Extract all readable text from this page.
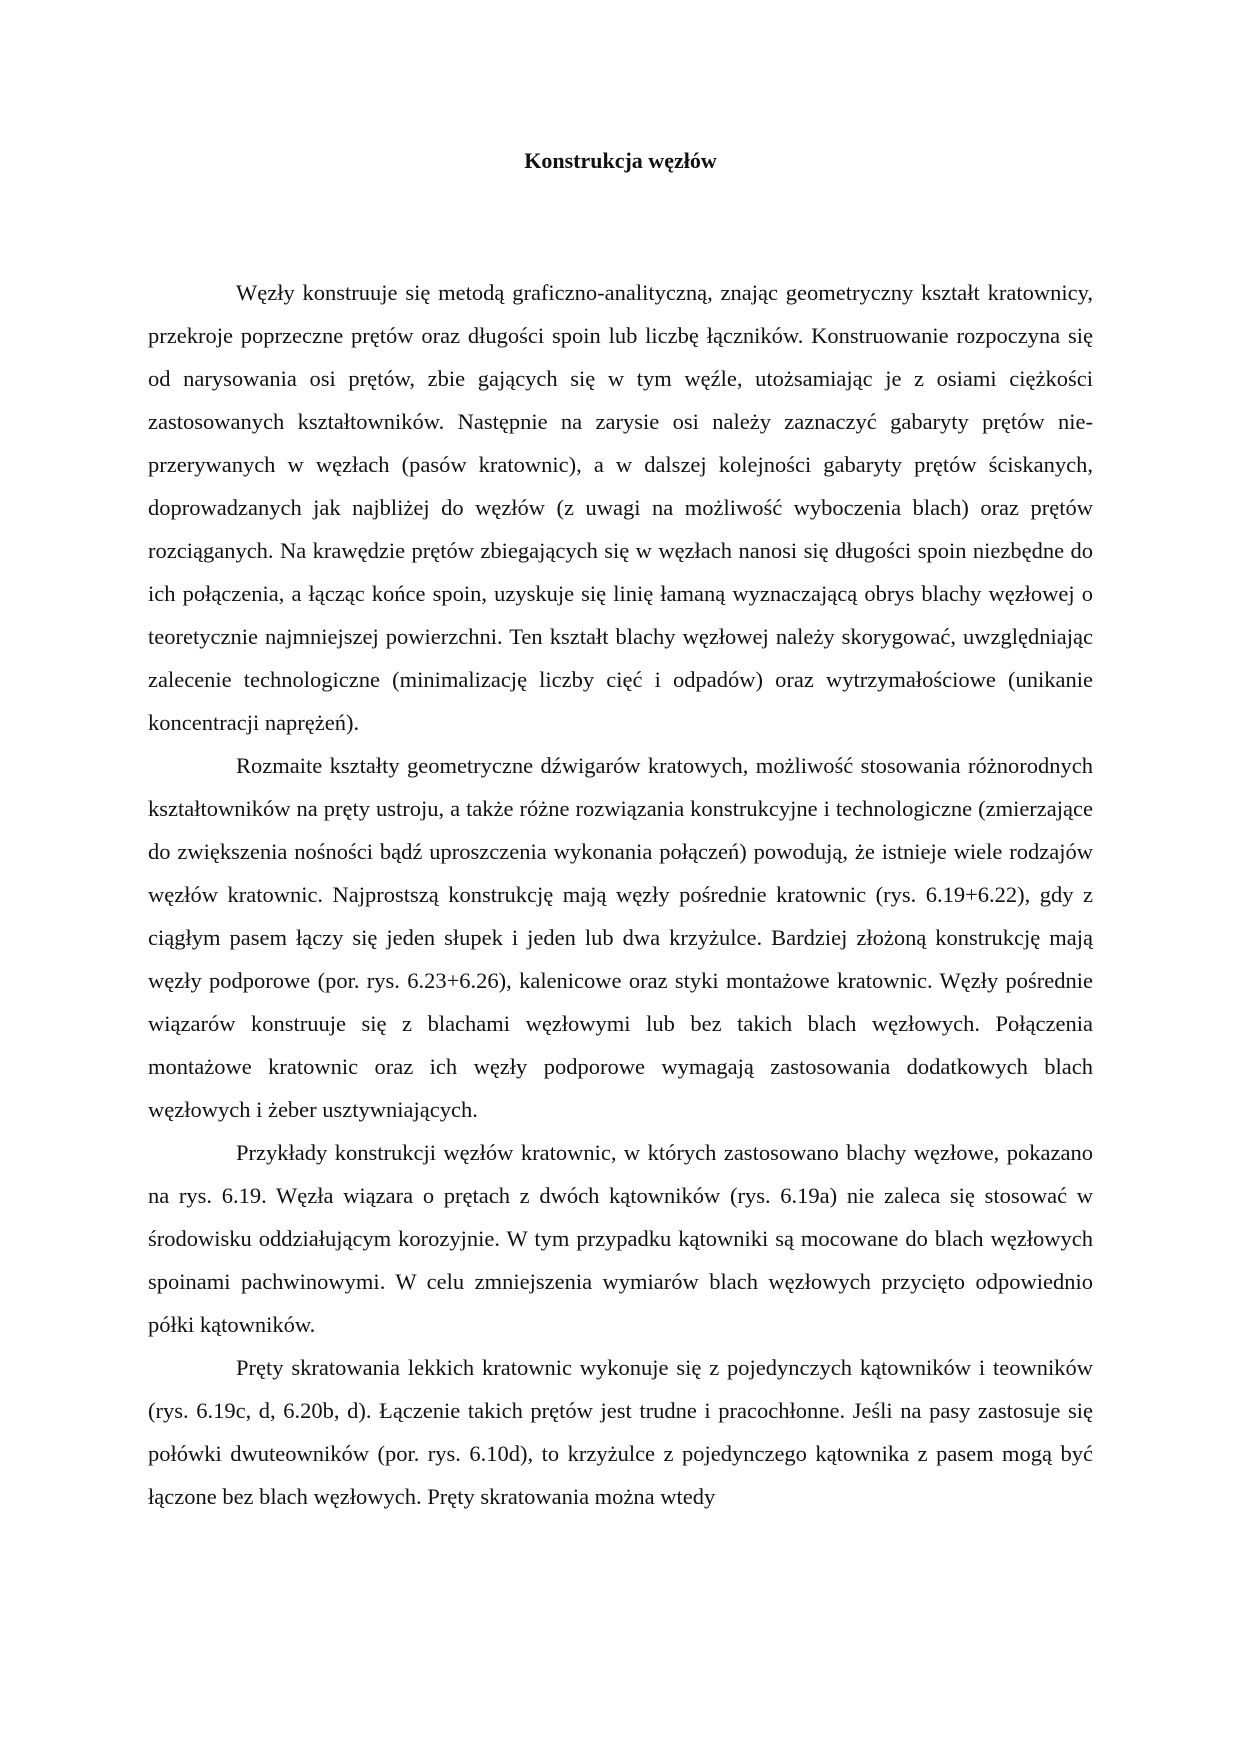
Konstrukcja węzłów

Węzły konstruuje się metodą graficzno-analityczną, znając geometryczny kształt kratownicy, przekroje poprzeczne prętów oraz długości spoin lub liczbę łączników. Konstruowanie rozpoczyna się od narysowania osi prętów, zbie gających się w tym węźle, utożsamiając je z osiami ciężkości zastosowanych kształtowników. Następnie na zarysie osi należy zaznaczyć gabaryty prętów nie-przerywanych w węzłach (pasów kratownic), a w dalszej kolejności gabaryty prętów ściskanych, doprowadzanych jak najbliżej do węzłów (z uwagi na możliwość wyboczenia blach) oraz prętów rozciąganych. Na krawędzie prętów zbiegających się w węzłach nanosi się długości spoin niezbędne do ich połączenia, a łącząc końce spoin, uzyskuje się linię łamaną wyznaczającą obrys blachy węzłowej o teoretycznie najmniejszej powierzchni. Ten kształt blachy węzłowej należy skorygować, uwzględniając zalecenie technologiczne (minimalizację liczby cięć i odpadów) oraz wytrzymałościowe (unikanie koncentracji naprężeń).

Rozmaite kształty geometryczne dźwigarów kratowych, możliwość stosowania różnorodnych kształtowników na pręty ustroju, a także różne rozwiązania konstrukcyjne i technologiczne (zmierzające do zwiększenia nośności bądź uproszczenia wykonania połączeń) powodują, że istnieje wiele rodzajów węzłów kratownic. Najprostszą konstrukcję mają węzły pośrednie kratownic (rys. 6.19+6.22), gdy z ciągłym pasem łączy się jeden słupek i jeden lub dwa krzyżulce. Bardziej złożoną konstrukcję mają węzły podporowe (por. rys. 6.23+6.26), kalenicowe oraz styki montażowe kratownic. Węzły pośrednie wiązarów konstruuje się z blachami węzłowymi lub bez takich blach węzłowych. Połączenia montażowe kratownic oraz ich węzły podporowe wymagają zastosowania dodatkowych blach węzłowych i żeber usztywniających.

Przykłady konstrukcji węzłów kratownic, w których zastosowano blachy węzłowe, pokazano na rys. 6.19. Węzła wiązara o prętach z dwóch kątowników (rys. 6.19a) nie zaleca się stosować w środowisku oddziałującym korozyjnie. W tym przypadku kątowniki są mocowane do blach węzłowych spoinami pachwinowymi. W celu zmniejszenia wymiarów blach węzłowych przycięto odpowiednio półki kątowników.

Pręty skratowania lekkich kratownic wykonuje się z pojedynczych kątowników i teowników (rys. 6.19c, d, 6.20b, d). Łączenie takich prętów jest trudne i pracochłonne. Jeśli na pasy zastosuje się połówki dwuteowników (por. rys. 6.10d), to krzyżulce z pojedynczego kątownika z pasem mogą być łączone bez blach węzłowych. Pręty skratowania można wtedy
